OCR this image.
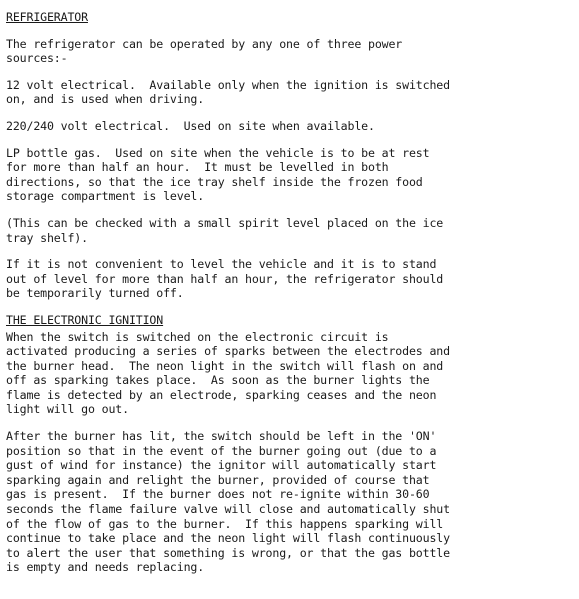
REFRIGERATOR
The refrigerator can be operated by any one of three power
sources:-
12 volt electrical.  Available only when the ignition is switched
on, and is used when driving.
220/240 volt electrical.  Used on site when available.
LP bottle gas.  Used on site when the vehicle is to be at rest
for more than half an hour.  It must be levelled in both
directions, so that the ice tray shelf inside the frozen food
storage compartment is level.
(This can be checked with a small spirit level placed on the ice
tray shelf).
If it is not convenient to level the vehicle and it is to stand
out of level for more than half an hour, the refrigerator should
be temporarily turned off.
THE ELECTRONIC IGNITION
When the switch is switched on the electronic circuit is
activated producing a series of sparks between the electrodes and
the burner head.  The neon light in the switch will flash on and
off as sparking takes place.  As soon as the burner lights the
flame is detected by an electrode, sparking ceases and the neon
light will go out.
After the burner has lit, the switch should be left in the 'ON'
position so that in the event of the burner going out (due to a
gust of wind for instance) the ignitor will automatically start
sparking again and relight the burner, provided of course that
gas is present.  If the burner does not re-ignite within 30-60
seconds the flame failure valve will close and automatically shut
of the flow of gas to the burner.  If this happens sparking will
continue to take place and the neon light will flash continuously
to alert the user that something is wrong, or that the gas bottle
is empty and needs replacing.
